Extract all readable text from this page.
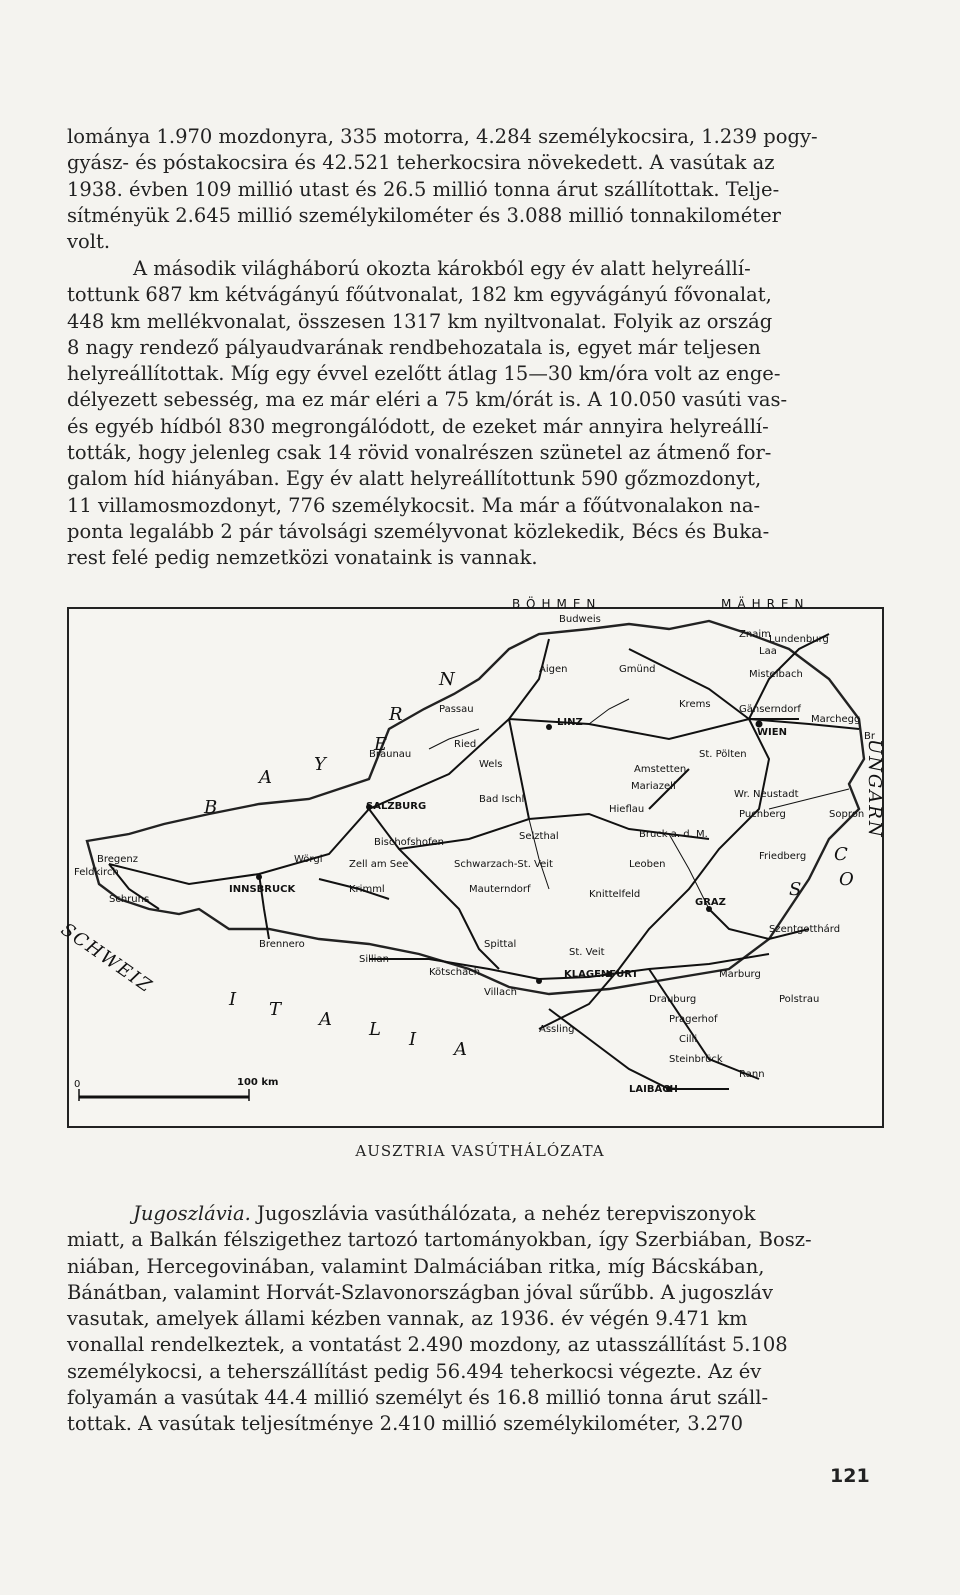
lománya 1.970 mozdonyra, 335 motorra, 4.284 személykocsira, 1.239 pogy-
gyász- és póstakocsira és 42.521 teherkocsira növekedett. A vasútak az
1938. évben 109 millió utast és 26.5 millió tonna árut szállítottak. Telje-
sítményük 2.645 millió személykilométer és 3.088 millió tonnakilométer
volt.

A második világháború okozta károkból egy év alatt helyreállí-
tottunk 687 km kétvágányú főútvonalat, 182 km egyvágányú fővonalat,
448 km mellékvonalat, összesen 1317 km nyiltvonalat. Folyik az ország
8 nagy rendező pályaudvarának rendbehozatala is, egyet már teljesen
helyreállítottak. Míg egy évvel ezelőtt átlag 15—30 km/óra volt az enge-
délyezett sebesség, ma ez már eléri a 75 km/órát is. A 10.050 vasúti vas-
és egyéb hídból 830 megrongálódott, de ezeket már annyira helyreállí-
tották, hogy jelenleg csak 14 rövid vonalrészen szünetel az átmenő for-
galom híd hiányában. Egy év alatt helyreállítottunk 590 gőzmozdonyt,
11 villamosmozdonyt, 776 személykocsit. Ma már a főútvonalakon na-
ponta legalább 2 pár távolsági személyvonat közlekedik, Bécs és Buka-
rest felé pedig nemzetközi vonataink is vannak.

BÖHMEN	MÄHREN
B
A
Y
E
R
N
SCHWEIZ
I T A L I A
UNGARN
S
C
O
Budweis
Znaim
Lundenburg
Laa
Aigen	Gmünd	Mistelbach
Passau	Krems	Gänserndorf
LINZ
WIEN
Marchegg
Br
Braunau
Ried
Wels
St. Pölten
Amstetten
SALZBURG
Bad Ischl
Mariazell
Wr. Neustadt
Hieflau	Puchberg	Sopron
Bregenz	Wörgl
Bischofshofen
Selzthal	Bruck a. d. M.
Feldkirch
Zell am See	Schwarzach-St. Veit	Leoben
Friedberg
Schruns
INNSBRUCK	Krimml	Mauterndorf	Knittelfeld
GRAZ
Brennero
Sillian
Spittal
St. Veit
Szentgotthárd
Kötschach
Villach
KLAGENFURT	Marburg
Drauburg	Polstrau
Pragerhof
Assling
Cilli
Steinbrück
Rann
LAIBACH
0	100 km
AUSZTRIA VASÚTHÁLÓZATA

Jugoszlávia. Jugoszlávia vasúthálózata, a nehéz terepviszonyok
miatt, a Balkán félszigethez tartozó tartományokban, így Szerbiában, Bosz-
niában, Hercegovinában, valamint Dalmáciában ritka, míg Bácskában,
Bánátban, valamint Horvát-Szlavonországban jóval sűrűbb. A jugoszláv
vasutak, amelyek állami kézben vannak, az 1936. év végén 9.471 km
vonallal rendelkeztek, a vontatást 2.490 mozdony, az utasszállítást 5.108
személykocsi, a teherszállítást pedig 56.494 teherkocsi végezte. Az év
folyamán a vasútak 44.4 millió személyt és 16.8 millió tonna árut száll-
tottak. A vasútak teljesítménye 2.410 millió személykilométer, 3.270

121
